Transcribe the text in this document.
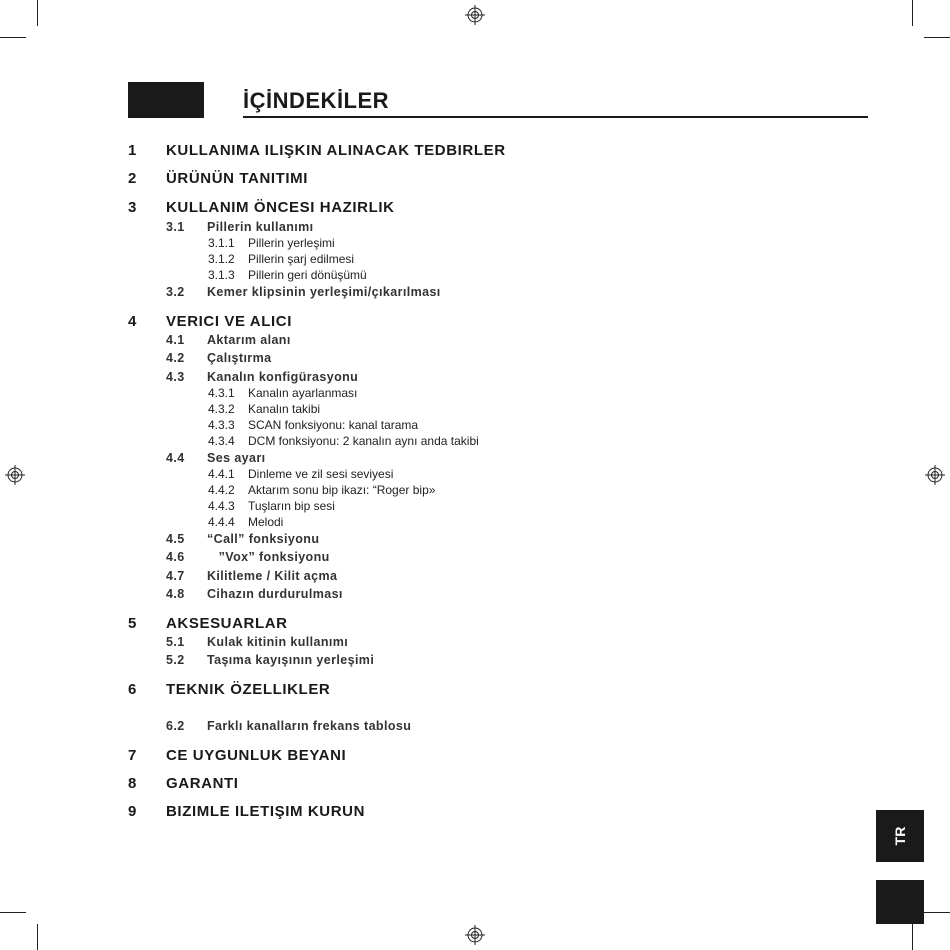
İÇİNDEKİLER
1 KULLANIMA ILIŞKIN ALINACAK TEDBIRLER
2 ÜRÜNÜN TANITIMI
3 KULLANIM ÖNCESI HAZIRLIK
3.1 Pillerin kullanımı
3.1.1 Pillerin yerleşimi
3.1.2 Pillerin şarj edilmesi
3.1.3 Pillerin geri dönüşümü
3.2 Kemer klipsinin yerleşimi/çıkarılması
4 VERICI VE ALICI
4.1 Aktarım alanı
4.2 Çalıştırma
4.3 Kanalın konfigürasyonu
4.3.1 Kanalın ayarlanması
4.3.2 Kanalın takibi
4.3.3 SCAN fonksiyonu: kanal tarama
4.3.4 DCM fonksiyonu: 2 kanalın aynı anda takibi
4.4 Ses ayarı
4.4.1 Dinleme ve zil sesi seviyesi
4.4.2 Aktarım sonu bip ikazı: “Roger bip»
4.4.3 Tuşların bip sesi
4.4.4 Melodi
4.5 “Call” fonksiyonu
4.6 ”Vox” fonksiyonu
4.7 Kilitleme / Kilit açma
4.8 Cihazın durdurulması
5 AKSESUARLAR
5.1 Kulak kitinin kullanımı
5.2 Taşıma kayışının yerleşimi
6 TEKNIK ÖZELLIKLER
6.2 Farklı kanalların frekans tablosu
7 CE UYGUNLUK BEYANI
8 GARANTI
9 BIZIMLE ILETIŞIM KURUN
TR
